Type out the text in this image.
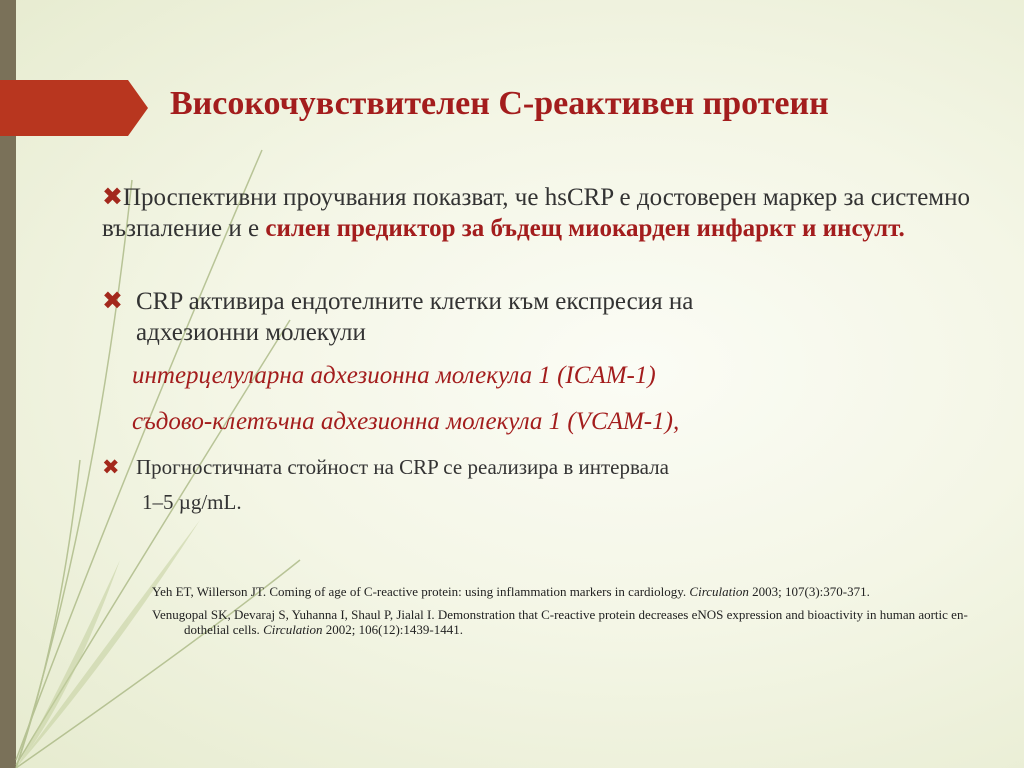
Високочувствителен С-реактивен протеин
✖Проспективни проучвания показват, че hsCRP е достоверен маркер за системно възпаление и е силен предиктор за бъдещ миокарден инфаркт и инсулт.
✖ CRP активира ендотелните клетки към експресия на
адхезионни молекули
интерцелуларна адхезионна молекула 1 (ICAM-1)
съдово-клетъчна адхезионна молекула 1 (VCAM-1),
✖ Прогностичната стойност на CRP се реализира в интервала
1–5 µg/mL.
Yeh ET, Willerson JT. Coming of age of C-reactive protein: using inflammation markers in cardiology. Circulation 2003; 107(3):370-371.
Venugopal SK, Devaraj S, Yuhanna I, Shaul P, Jialal I. Demonstration that C-reactive protein decreases eNOS expression and bioactivity in human aortic en- dothelial cells. Circulation 2002; 106(12):1439-1441.
